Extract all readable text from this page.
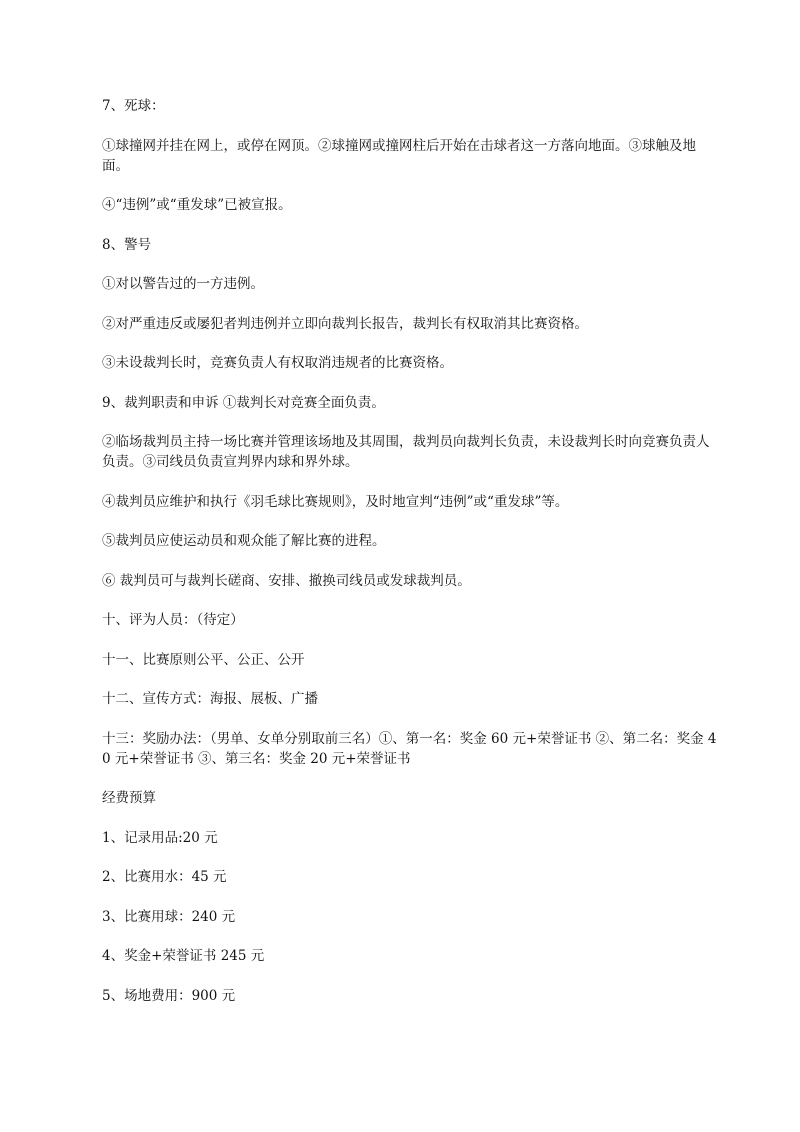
7、死球：

①球撞网并挂在网上，或停在网顶。②球撞网或撞网柱后开始在击球者这一方落向地面。③球触及地面。

④“违例”或“重发球”已被宣报。

8、警号

①对以警告过的一方违例。

②对严重违反或屡犯者判违例并立即向裁判长报告，裁判长有权取消其比赛资格。

③未设裁判长时，竞赛负责人有权取消违规者的比赛资格。

9、裁判职责和申诉 ①裁判长对竞赛全面负责。

②临场裁判员主持一场比赛并管理该场地及其周围，裁判员向裁判长负责，未设裁判长时向竞赛负责人负责。③司线员负责宣判界内球和界外球。

④裁判员应维护和执行《羽毛球比赛规则》，及时地宣判“违例”或“重发球”等。

⑤裁判员应使运动员和观众能了解比赛的进程。

⑥ 裁判员可与裁判长磋商、安排、撤换司线员或发球裁判员。

十、评为人员：（待定）

十一、比赛原则公平、公正、公开

十二、宣传方式：海报、展板、广播

十三：奖励办法：（男单、女单分别取前三名）①、第一名：奖金 60 元+荣誉证书 ②、第二名：奖金 40 元+荣誉证书 ③、第三名：奖金 20 元+荣誉证书

经费预算

1、记录用品:20 元

2、比赛用水：45 元

3、比赛用球：240 元

4、奖金+荣誉证书 245 元

5、场地费用：900 元
